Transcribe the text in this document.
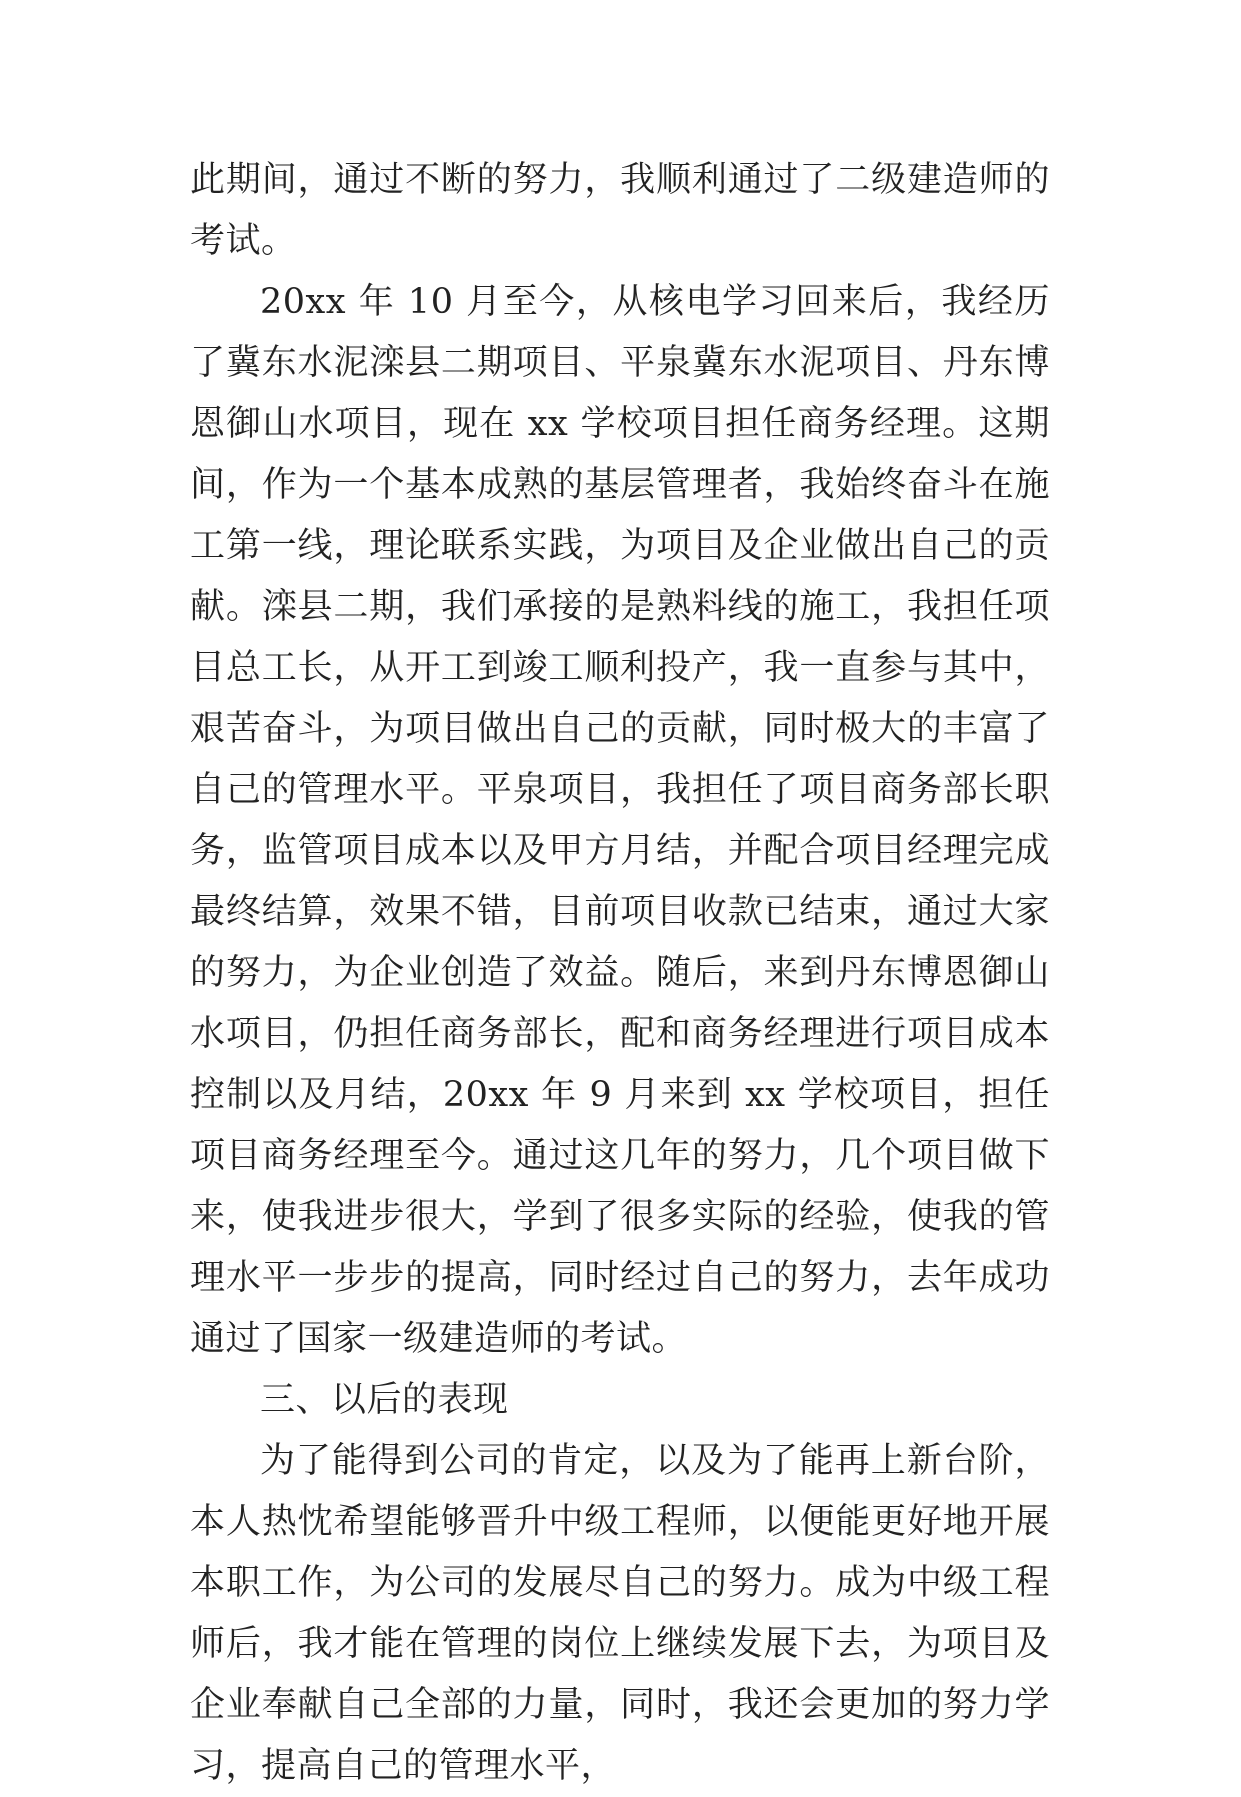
此期间，通过不断的努力，我顺利通过了二级建造师的考试。

20xx 年 10 月至今，从核电学习回来后，我经历了冀东水泥滦县二期项目、平泉冀东水泥项目、丹东博恩御山水项目，现在 xx 学校项目担任商务经理。这期间，作为一个基本成熟的基层管理者，我始终奋斗在施工第一线，理论联系实践，为项目及企业做出自己的贡献。滦县二期，我们承接的是熟料线的施工，我担任项目总工长，从开工到竣工顺利投产，我一直参与其中，艰苦奋斗，为项目做出自己的贡献，同时极大的丰富了自己的管理水平。平泉项目，我担任了项目商务部长职务，监管项目成本以及甲方月结，并配合项目经理完成最终结算，效果不错，目前项目收款已结束，通过大家的努力，为企业创造了效益。随后，来到丹东博恩御山水项目，仍担任商务部长，配和商务经理进行项目成本控制以及月结，20xx 年 9 月来到 xx 学校项目，担任项目商务经理至今。通过这几年的努力，几个项目做下来，使我进步很大，学到了很多实际的经验，使我的管理水平一步步的提高，同时经过自己的努力，去年成功通过了国家一级建造师的考试。

三、以后的表现

为了能得到公司的肯定，以及为了能再上新台阶，本人热忱希望能够晋升中级工程师，以便能更好地开展本职工作，为公司的发展尽自己的努力。成为中级工程师后，我才能在管理的岗位上继续发展下去，为项目及企业奉献自己全部的力量，同时，我还会更加的努力学习，提高自己的管理水平，
